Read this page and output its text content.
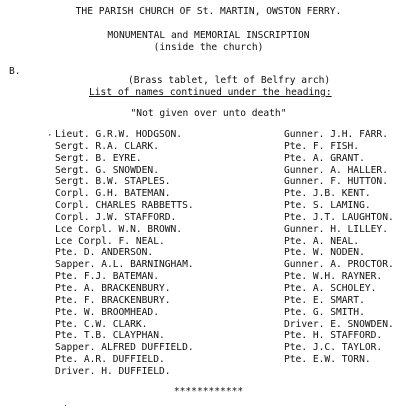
THE PARISH CHURCH OF St. MARTIN, OWSTON FERRY.
MONUMENTAL and MEMORIAL INSCRIPTION
(inside the church)
B.
(Brass tablet, left of Belfry arch)
List of names continued under the heading:
"Not given over unto death"
· Lieut. G.R.W. HODGSON.
Sergt. R.A. CLARK.
Sergt. B. EYRE.
Sergt. G. SNOWDEN.
Sergt. B.W. STAPLES.
Corpl. G.H. BATEMAN.
Corpl. CHARLES RABBETTS.
Corpl. J.W. STAFFORD.
Lce Corpl. W.N. BROWN.
Lce Corpl. F. NEAL.
Pte. D. ANDERSON.
Sapper. A.L. BARNINGHAM.
Pte. F.J. BATEMAN.
Pte. A. BRACKENBURY.
Pte. F. BRACKENBURY.
Pte. W. BROOMHEAD.
Pte. C.W. CLARK.
Pte. T.B. CLAYPHAN.
Sapper. ALFRED DUFFIELD.
Pte. A.R. DUFFIELD.
Driver. H. DUFFIELD.
Gunner. J.H. FARR.
Pte. F. FISH.
Pte. A. GRANT.
Gunner. A. HALLER.
Gunner. F. HUTTON.
Pte. J.B. KENT.
Pte. S. LAMING.
Pte. J.T. LAUGHTON.
Gunner. H. LILLEY.
Pte. A. NEAL.
Pte. W. NODEN.
Gunner. A. PROCTOR.
Pte. W.H. RAYNER.
Pte. A. SCHOLEY.
Pte. E. SMART.
Pte. G. SMITH.
Driver. E. SNOWDEN.
Pte. H. STAFFORD.
Pte. J.C. TAYLOR.
Pte. E.W. TORN.
************
.
